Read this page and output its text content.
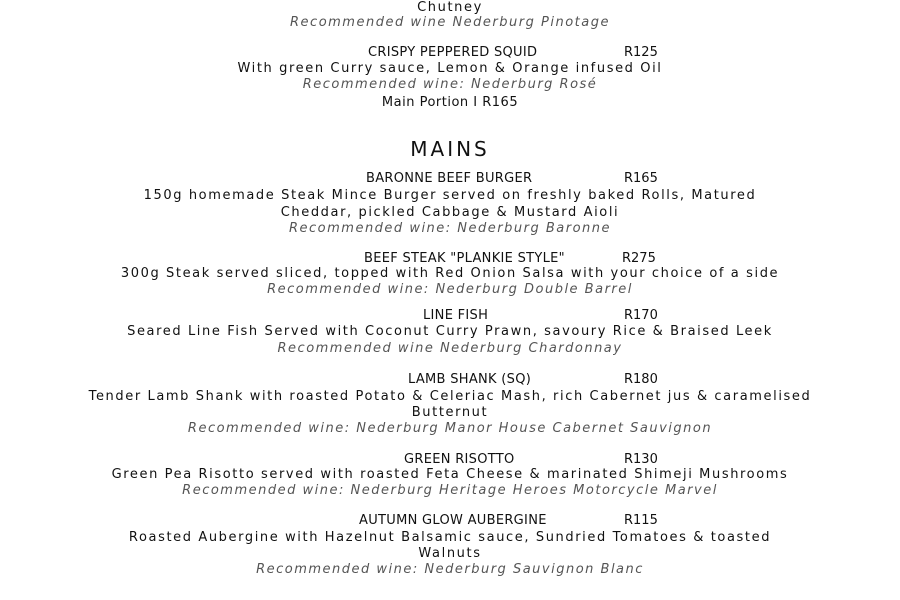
Chutney
Recommended wine Nederburg Pinotage
CRISPY PEPPERED SQUID	R125
With green Curry sauce, Lemon & Orange infused Oil
Recommended wine: Nederburg Rosé
Main Portion I R165
MAINS
BARONNE BEEF BURGER	R165
150g homemade Steak Mince Burger served on freshly baked Rolls, Matured
Cheddar, pickled Cabbage & Mustard Aioli
Recommended wine: Nederburg Baronne
BEEF STEAK "PLANKIE STYLE"	R275
300g Steak served sliced, topped with Red Onion Salsa with your choice of a side
Recommended wine: Nederburg Double Barrel
LINE FISH	R170
Seared Line Fish Served with Coconut Curry Prawn, savoury Rice & Braised Leek
Recommended wine Nederburg Chardonnay
LAMB SHANK (SQ)	R180
Tender Lamb Shank with roasted Potato & Celeriac Mash, rich Cabernet jus & caramelised
Butternut
Recommended wine: Nederburg Manor House Cabernet Sauvignon
GREEN RISOTTO	R130
Green Pea Risotto served with roasted Feta Cheese & marinated Shimeji Mushrooms
Recommended wine: Nederburg Heritage Heroes Motorcycle Marvel
AUTUMN GLOW AUBERGINE	R115
Roasted Aubergine with Hazelnut Balsamic sauce, Sundried Tomatoes & toasted
Walnuts
Recommended wine: Nederburg Sauvignon Blanc
